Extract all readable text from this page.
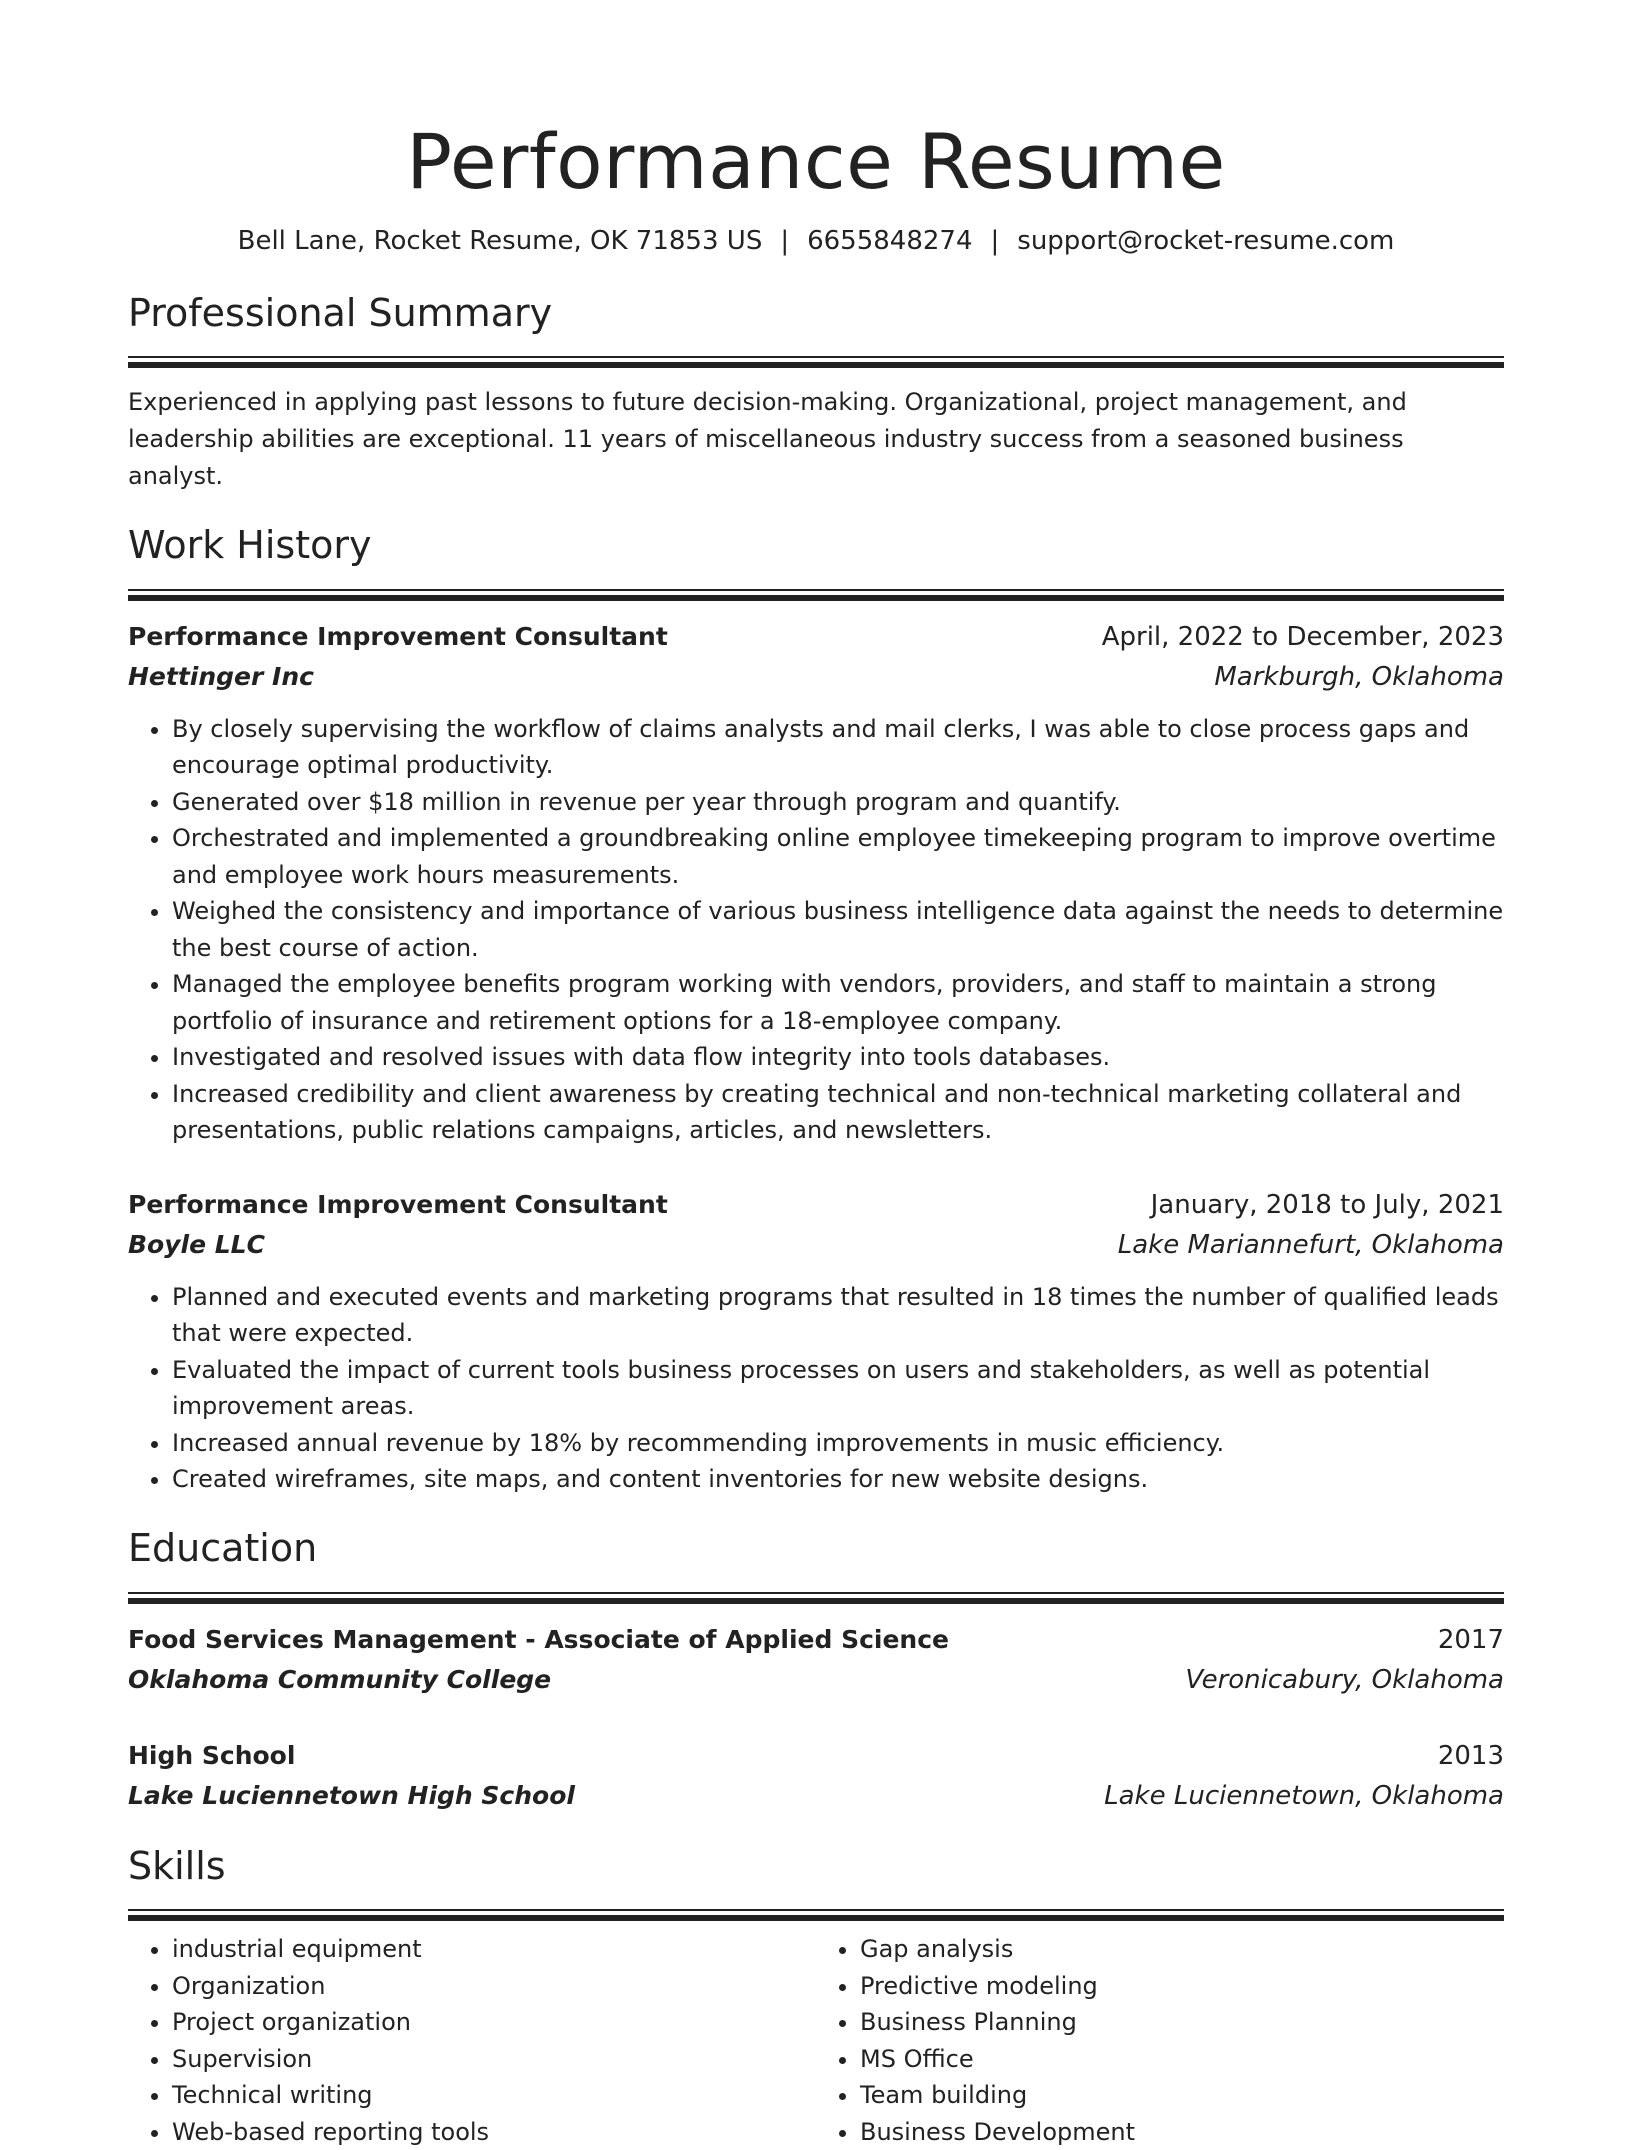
Performance Resume
Bell Lane, Rocket Resume, OK 71853 US | 6655848274 | support@rocket-resume.com
Professional Summary

Experienced in applying past lessons to future decision-making. Organizational, project management, and leadership abilities are exceptional. 11 years of miscellaneous industry success from a seasoned business analyst.

Work History
Performance Improvement Consultant	April, 2022 to December, 2023
Hettinger Inc	Markburgh, Oklahoma
• By closely supervising the workflow of claims analysts and mail clerks, I was able to close process gaps and encourage optimal productivity.
• Generated over $18 million in revenue per year through program and quantify.
• Orchestrated and implemented a groundbreaking online employee timekeeping program to improve overtime and employee work hours measurements.
• Weighed the consistency and importance of various business intelligence data against the needs to determine the best course of action.
• Managed the employee benefits program working with vendors, providers, and staff to maintain a strong portfolio of insurance and retirement options for a 18-employee company.
• Investigated and resolved issues with data flow integrity into tools databases.
• Increased credibility and client awareness by creating technical and non-technical marketing collateral and presentations, public relations campaigns, articles, and newsletters.
Performance Improvement Consultant	January, 2018 to July, 2021
Boyle LLC	Lake Mariannefurt, Oklahoma
• Planned and executed events and marketing programs that resulted in 18 times the number of qualified leads that were expected.
• Evaluated the impact of current tools business processes on users and stakeholders, as well as potential improvement areas.
• Increased annual revenue by 18% by recommending improvements in music efficiency.
• Created wireframes, site maps, and content inventories for new website designs.
Education
Food Services Management - Associate of Applied Science	2017
Oklahoma Community College	Veronicabury, Oklahoma
High School	2013
Lake Luciennetown High School	Lake Luciennetown, Oklahoma
Skills
• industrial equipment
• Organization
• Project organization
• Supervision
• Technical writing
• Web-based reporting tools
• Gap analysis
• Predictive modeling
• Business Planning
• MS Office
• Team building
• Business Development
